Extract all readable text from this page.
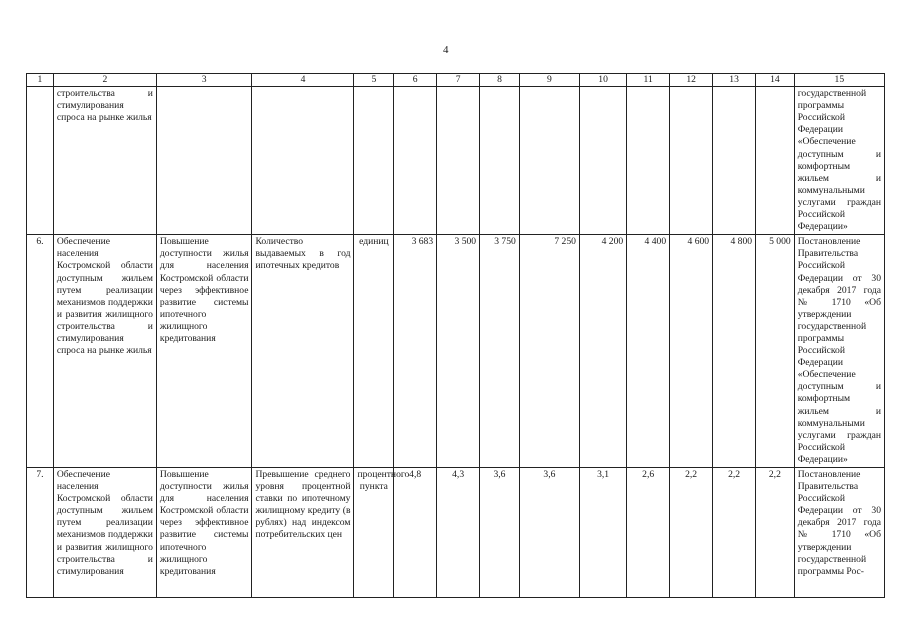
4
1	2	3	4	5	6	7	8	9	10	11	12	13	14	15
	строительства и стимулирования спроса на рынке жилья													государственной программы Российской Федерации «Обеспечение доступным и комфортным жильем и коммунальными услугами граждан Российской Федерации»
6.	Обеспечение населения Костромской области доступным жильем путем реализации механизмов поддержки и развития жилищного строительства и стимулирования спроса на рынке жилья	Повышение доступности жилья для населения Костромской области через эффективное развитие системы ипотечного жилищного кредитования	Количество выдаваемых в год ипотечных кредитов	единиц	3 683	3 500	3 750	7 250	4 200	4 400	4 600	4 800	5 000	Постановление Правительства Российской Федерации от 30 декабря 2017 года № 1710 «Об утверждении государственной программы Российской Федерации «Обеспечение доступным и комфортным жильем и коммунальными услугами граждан Российской Федерации»
7.	Обеспечение населения Костромской области доступным жильем путем реализации механизмов поддержки и развития жилищного строительства и стимулирования	Повышение доступности жилья для населения Костромской области через эффективное развитие системы ипотечного жилищного кредитования	Превышение среднего уровня процентной ставки по ипотечному жилищному кредиту (в рублях) над индексом потребительских цен	процентного пункта	4,8	4,3	3,6	3,6	3,1	2,6	2,2	2,2	2,2	Постановление Правительства Российской Федерации от 30 декабря 2017 года № 1710 «Об утверждении государственной программы Рос-
